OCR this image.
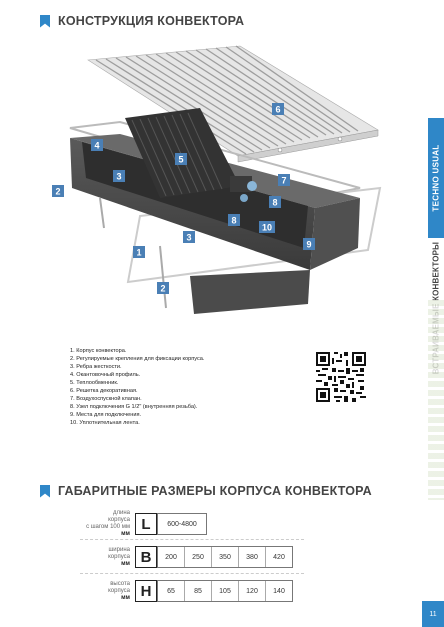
КОНСТРУКЦИЯ КОНВЕКТОРА
TECHNO USUAL
1
2
2
3
3
4
5
6
7
8
8
9
10
1. Корпус конвектора.
2. Регулируемые крепления для фиксации корпуса.
3. Ребра жесткости.
4. Окантовочный профиль.
5. Теплообменник.
6. Решетка декоративная.
7. Воздухоспускной клапан.
8. Узел подключения G 1/2" (внутренняя резьба).
9. Места для подключения.
10. Уплотнительная лента.
ГАБАРИТНЫЕ РАЗМЕРЫ КОРПУСА КОНВЕКТОРА
длина
корпуса
с шагом 100 мм
мм
L	600-4800
ширина
корпуса
мм B	200	250	350	380	420
высота
корпуса
мм H	65	85	105	120	140
11
